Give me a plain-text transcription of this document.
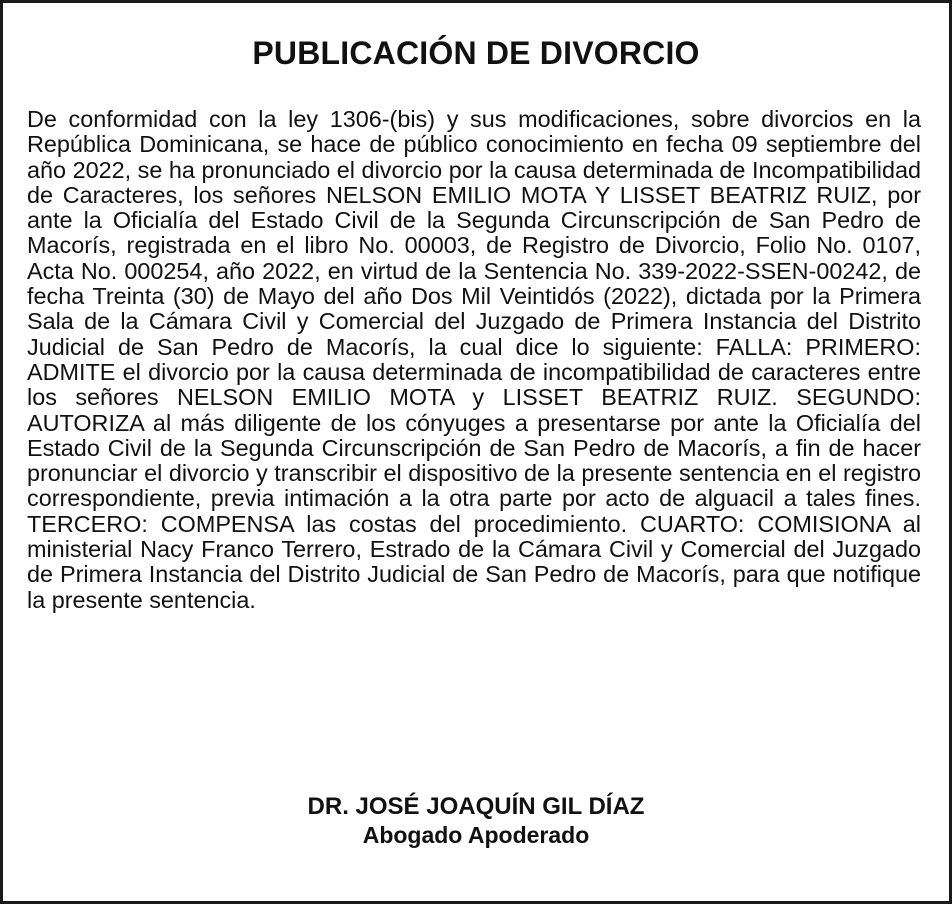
PUBLICACIÓN DE DIVORCIO

De conformidad con la ley 1306-(bis) y sus modificaciones, sobre divorcios en la República Dominicana, se hace de público conocimiento en fecha 09 septiembre del año 2022, se ha pronunciado el divorcio por la causa determinada de Incompatibilidad de Caracteres, los señores NELSON EMILIO MOTA Y LISSET BEATRIZ RUIZ, por ante la Oficialía del Estado Civil de la Segunda Circunscripción de San Pedro de Macorís, registrada en el libro No. 00003, de Registro de Divorcio, Folio No. 0107, Acta No. 000254, año 2022, en virtud de la Sentencia No. 339-2022-SSEN-00242, de fecha Treinta (30) de Mayo del año Dos Mil Veintidós (2022), dictada por la Primera Sala de la Cámara Civil y Comercial del Juzgado de Primera Instancia del Distrito Judicial de San Pedro de Macorís, la cual dice lo siguiente: FALLA: PRIMERO: ADMITE el divorcio por la causa determinada de incompatibilidad de caracteres entre los señores NELSON EMILIO MOTA y LISSET BEATRIZ RUIZ. SEGUNDO: AUTORIZA al más diligente de los cónyuges a presentarse por ante la Oficialía del Estado Civil de la Segunda Circunscripción de San Pedro de Macorís, a fin de hacer pronunciar el divorcio y transcribir el dispositivo de la presente sentencia en el registro correspondiente, previa intimación a la otra parte por acto de alguacil a tales fines. TERCERO: COMPENSA las costas del procedimiento. CUARTO: COMISIONA al ministerial Nacy Franco Terrero, Estrado de la Cámara Civil y Comercial del Juzgado de Primera Instancia del Distrito Judicial de San Pedro de Macorís, para que notifique la presente sentencia.

DR. JOSÉ JOAQUÍN GIL DÍAZ
Abogado Apoderado
